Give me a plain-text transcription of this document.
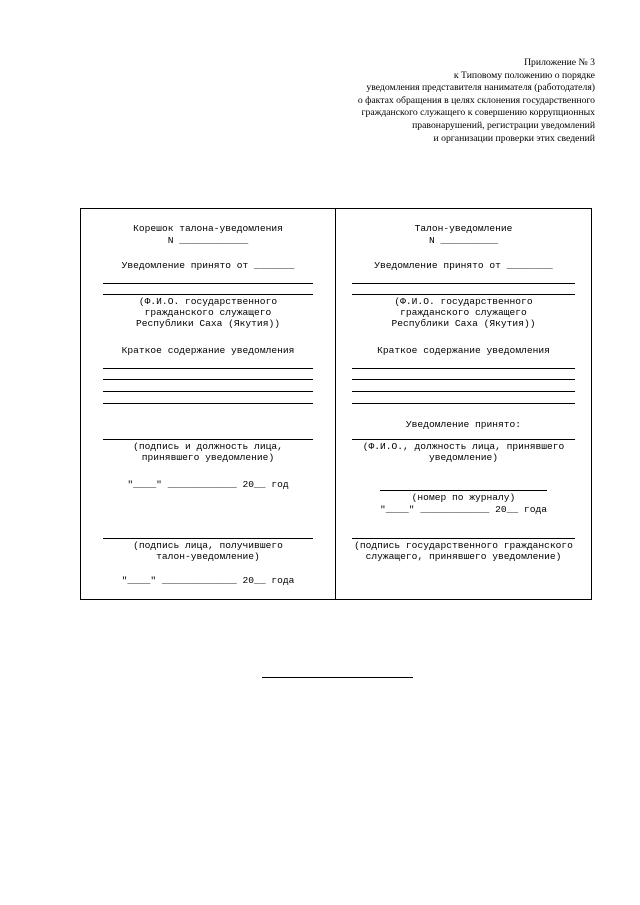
Приложение № 3
к Типовому положению о порядке
уведомления представителя нанимателя (работодателя)
о фактах обращения в целях склонения государственного
гражданского служащего к совершению коррупционных
правонарушений, регистрации уведомлений
и организации проверки этих сведений
Корешок талона-уведомления
N ____________
Уведомление принято от _______
(Ф.И.О. государственного
гражданского служащего
Республики Саха (Якутия))
Краткое содержание уведомления
(подпись и должность лица,
принявшего уведомление)
"____" ____________ 20__ год
(подпись лица, получившего
талон-уведомление)
"____" _____________ 20__ года
Талон-уведомление
N __________
Уведомление принято от ________
(Ф.И.О. государственного
гражданского служащего
Республики Саха (Якутия))
Краткое содержание уведомления
Уведомление принято:
(Ф.И.О., должность лица, принявшего
уведомление)
(номер по журналу)
"____" ____________ 20__ года
(подпись государственного гражданского
служащего, принявшего уведомление)
